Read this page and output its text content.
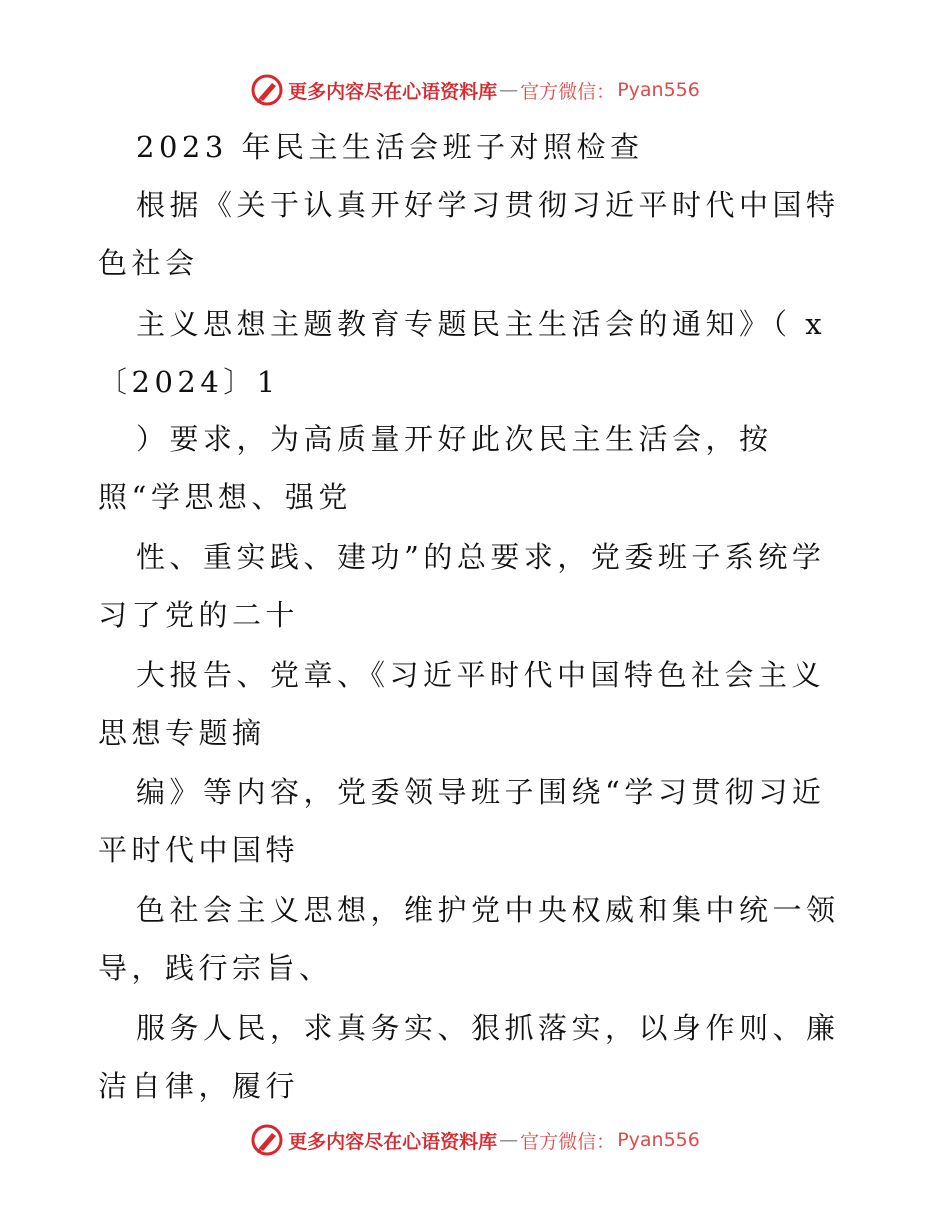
更多内容尽在心语资料库 — 官方微信： Pyan556
2023 年民主生活会班子对照检查
根据《关于认真开好学习贯彻习近平时代中国特
色社会
主义思想主题教育专题民主生活会的通知》（ x
〔2024〕1
）要求，为高质量开好此次民主生活会，按
照“学思想、强党
性、重实践、建功”的总要求，党委班子系统学
习了党的二十
大报告、党章、《习近平时代中国特色社会主义
思想专题摘
编》等内容，党委领导班子围绕“学习贯彻习近
平时代中国特
色社会主义思想，维护党中央权威和集中统一领
导，践行宗旨、
服务人民，求真务实、狠抓落实，以身作则、廉
洁自律，履行
更多内容尽在心语资料库 — 官方微信： Pyan556
